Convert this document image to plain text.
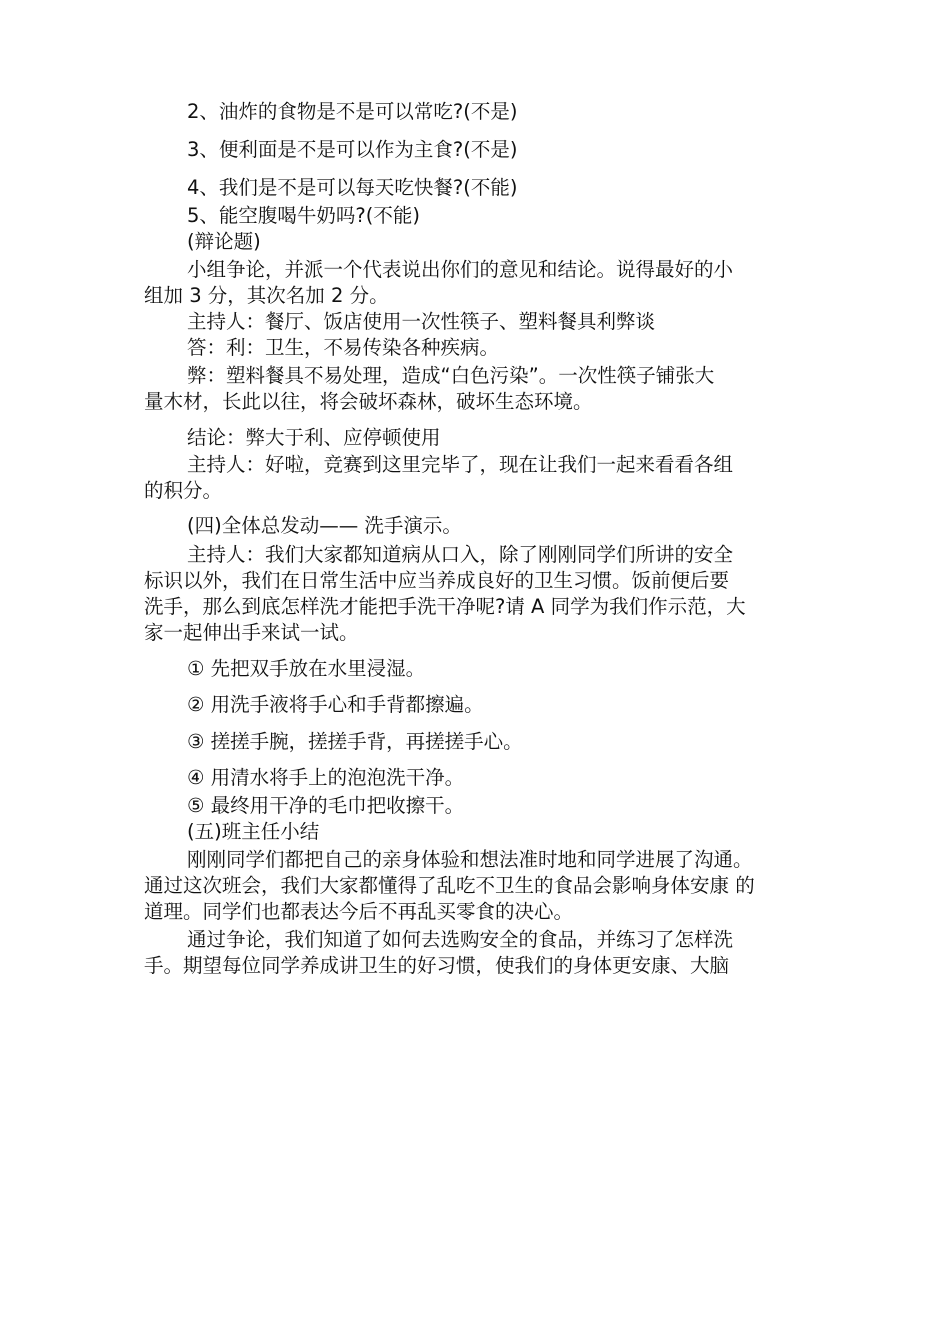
2、油炸的食物是不是可以常吃?(不是)

3、便利面是不是可以作为主食?(不是)

4、我们是不是可以每天吃快餐?(不能)

5、能空腹喝牛奶吗?(不能)

(辩论题)

小组争论，并派一个代表说出你们的意见和结论。说得最好的小

组加 3 分，其次名加 2 分。

主持人：餐厅、饭店使用一次性筷子、塑料餐具利弊谈

答：利：卫生，不易传染各种疾病。

弊：塑料餐具不易处理，造成“白色污染”。一次性筷子铺张大

量木材，长此以往，将会破坏森林，破坏生态环境。

结论：弊大于利、应停顿使用

主持人：好啦，竞赛到这里完毕了，现在让我们一起来看看各组

的积分。

(四)全体总发动—— 洗手演示。

主持人：我们大家都知道病从口入，除了刚刚同学们所讲的安全

标识以外，我们在日常生活中应当养成良好的卫生习惯。饭前便后要

洗手，那么到底怎样洗才能把手洗干净呢?请 A 同学为我们作示范，大

家一起伸出手来试一试。

① 先把双手放在水里浸湿。

② 用洗手液将手心和手背都擦遍。

③ 搓搓手腕，搓搓手背，再搓搓手心。

④ 用清水将手上的泡泡洗干净。

⑤ 最终用干净的毛巾把收擦干。

(五)班主任小结

刚刚同学们都把自己的亲身体验和想法准时地和同学进展了沟通。

通过这次班会，我们大家都懂得了乱吃不卫生的食品会影响身体安康 的

道理。同学们也都表达今后不再乱买零食的决心。

通过争论，我们知道了如何去选购安全的食品，并练习了怎样洗

手。期望每位同学养成讲卫生的好习惯，使我们的身体更安康、大脑
